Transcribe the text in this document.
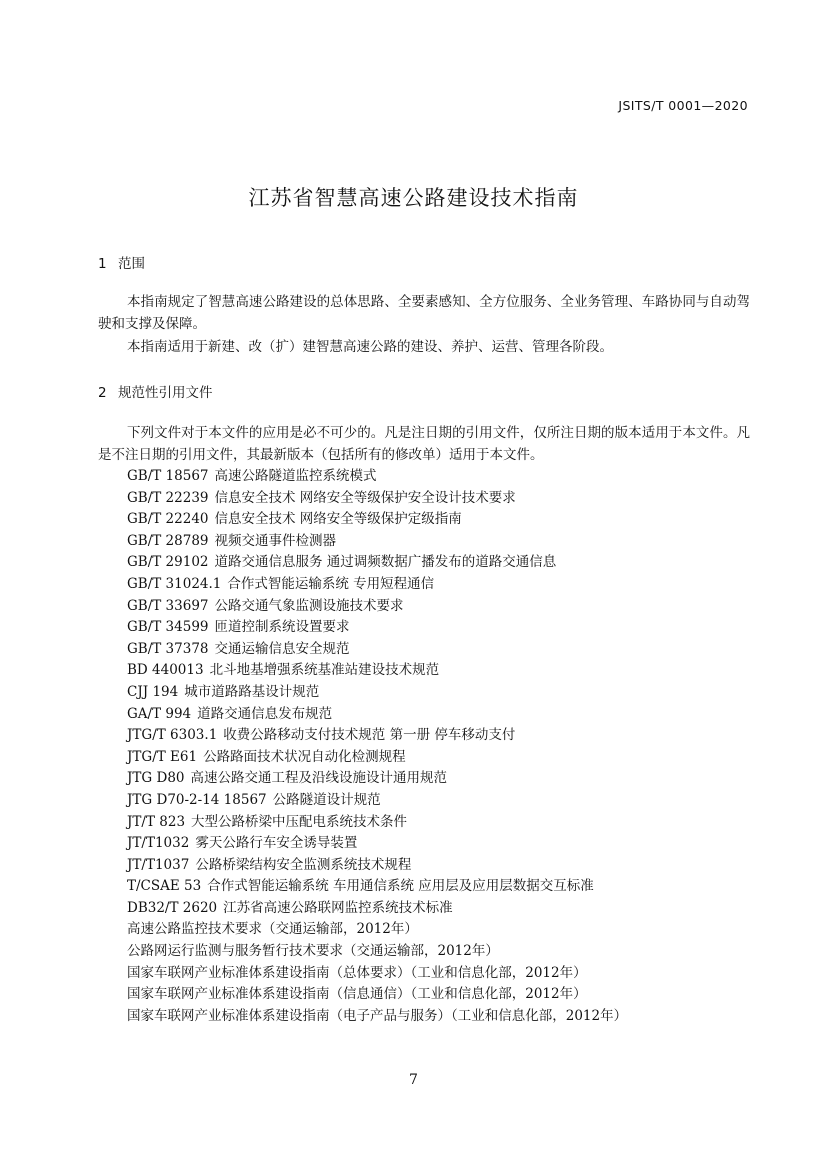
JSITS/T 0001—2020
江苏省智慧高速公路建设技术指南
1 范围

本指南规定了智慧高速公路建设的总体思路、全要素感知、全方位服务、全业务管理、车路协同与自动驾驶和支撑及保障。

本指南适用于新建、改（扩）建智慧高速公路的建设、养护、运营、管理各阶段。

2 规范性引用文件

下列文件对于本文件的应用是必不可少的。凡是注日期的引用文件，仅所注日期的版本适用于本文件。凡是不注日期的引用文件，其最新版本（包括所有的修改单）适用于本文件。

GB/T 18567 高速公路隧道监控系统模式
GB/T 22239 信息安全技术 网络安全等级保护安全设计技术要求
GB/T 22240 信息安全技术 网络安全等级保护定级指南
GB/T 28789 视频交通事件检测器
GB/T 29102 道路交通信息服务 通过调频数据广播发布的道路交通信息
GB/T 31024.1 合作式智能运输系统 专用短程通信
GB/T 33697 公路交通气象监测设施技术要求
GB/T 34599 匝道控制系统设置要求
GB/T 37378 交通运输信息安全规范
BD 440013 北斗地基增强系统基准站建设技术规范
CJJ 194 城市道路路基设计规范
GA/T 994 道路交通信息发布规范
JTG/T 6303.1 收费公路移动支付技术规范 第一册 停车移动支付
JTG/T E61 公路路面技术状况自动化检测规程
JTG D80 高速公路交通工程及沿线设施设计通用规范
JTG D70-2-14 18567 公路隧道设计规范
JT/T 823 大型公路桥梁中压配电系统技术条件
JT/T1032 雾天公路行车安全诱导装置
JT/T1037 公路桥梁结构安全监测系统技术规程
T/CSAE 53 合作式智能运输系统 车用通信系统 应用层及应用层数据交互标准
DB32/T 2620 江苏省高速公路联网监控系统技术标准
高速公路监控技术要求（交通运输部，2012年）
公路网运行监测与服务暂行技术要求（交通运输部，2012年）
国家车联网产业标准体系建设指南（总体要求）（工业和信息化部，2012年）
国家车联网产业标准体系建设指南（信息通信）（工业和信息化部，2012年）
国家车联网产业标准体系建设指南（电子产品与服务）（工业和信息化部，2012年）
7
